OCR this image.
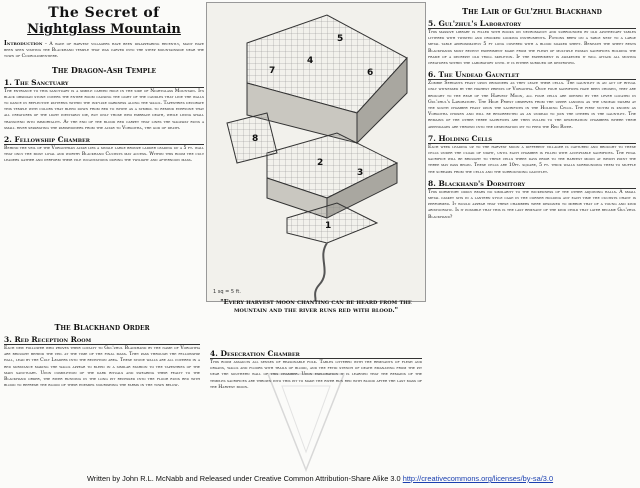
The Secret of
Nightglass Mountain

Introduction – A wave of harvest villagers have been disappearing recently, many have been seen visiting the Blackhand temple that was carved into the steep mountainside near the town of Courolumentiere.

The Dragon-Ash Temple
1. The Sanctuary

The entrance to this sanctuary is a simple carved hole in the side of Nightglass Mountain. Its black obsidian stone covers the entire room causing the light of the candles that line the walls to dance in reflective patterns within the ink-like darkness along the walls. Tapestries decorate this temple with colors that bleed down from red to white as a symbol to remind everyone that all creatures of the light inevitably die, but only those who embrace death, while living shall transcend into immortality. At the end of the blood red carpet that lines the walkway runs a small river separating the parishioners from the altar to Vorgotha, the god of death.

2. Fellowship Chamber

Behind the veil of the Vorgothian altar lies a single large bronze ladder leading up a 5 ft. wall that only the most loyal and worthy Blackhand Cultists may access. Within this room the cult leaders gather and perform their vile incantations during the twilight and afternoon mass.

The Blackhand Order
3. Red Reception Room

Each new follower who proves their loyalty to Gul'zhul Blackhand by the name of Vorgotha are brought behind the veil at the time of the final mass. They pass through the fellowship hall, lead by the Cult Leaders into the reception area. These stone walls are all covered in a red substance making the walls appear to bleed in a similar fashion to the tapestries of the main sanctuary. Upon completion of the dark rituals and swearing their fealty to the Blackhand order, the river running in the long pit recessed into the floor runs red with blood to refresh the blood of their enemies nourishing the farms in the town below.

5
4
6
7
8
2
3
1
1 sq = 5 ft.
"Every harvest moon chanting can be heard from the mountain and the river runs red with blood."
4. Desecration Chamber

This room assaults all senses of reasonable folk. Tables littered with the remnants of flesh and organs, walls and floors with trails of blood, and the fetid stench of death emanating from the pit near the southern wall of this chamber. Upon exploration it is learned that the remains of the temples sacrifices are thrown into this pit to make the river run red with blood after the last mass of the Harvest moon.

The Lair of Gul'zhul Blackhand
5. Gul'zhul's Laboratory

This massive library is filled with books on necromancy and surrounded by old apothecary tables littered with twisted and crooked looking instruments. Potions brew on a table next to a large metal table approximately 5 ft long covered with a blood soaked sheet. Beneath the sheet rests Blackhands most recent experiment made from the flesh of multiple human sacrifices holding the frame of a decrepit old troll skeleton. If the experiment is awakened it will attack all moving creatures within the laboratory until it is either subdued or destroyed.

6. The Undead Gauntlet

Zombie Servants feast upon prisoners as they leave their cells. The gauntlet is an act of ritual only witnessed by the highest priests of Vorgotha. Once four sacrifices have been chosen, they are brought to the rear of the Harvest Moon, all four cells are opened by the lever located in Gul'zhul's Laboratory. The High Priest observes from the upper landing as the undead swarm at the south chamber feast upon the sacrifices in the Holding Cells. The first victim is known as Vorgotha chosen and will be resurrected as an undead to join the others in the gauntlet. The remains of the other three sacrifices are then pulled to the desecration chambers where their appendages are thrown into the desecration pit to feed the Red River.

7. Holding Cells

Each week leading up to the harvest moon a different villager is captured and brought to these cells under the cloak of night, until each chamber is filled with acceptable sacrifices. The final sacrifice will be brought to these cells three days prior to the harvest moon at which point the three may pass begin. These cells are 10ft. square, 5 ft. thick walls surrounding them to muffle the screams from the cells and the surrounding gauntlet.

8. Blackhand's Dormitory

This dormitory oddly bears no similarity to the wickedness of the other adjoining halls. A small metal casket sits in a lantern style cage in the corner holding any each time the cultists chant is performed. It would appear that these chambers were designed to mirror that of a young and kind aristocratic. Is it possible that this is the last remnant of the kind child that later became Gul'zhul Blackhand?

Written by John R.L. McNabb and Released under Creative Common Attribution-Share Alike 3.0 http://creativecommons.org/licenses/by-sa/3.0
